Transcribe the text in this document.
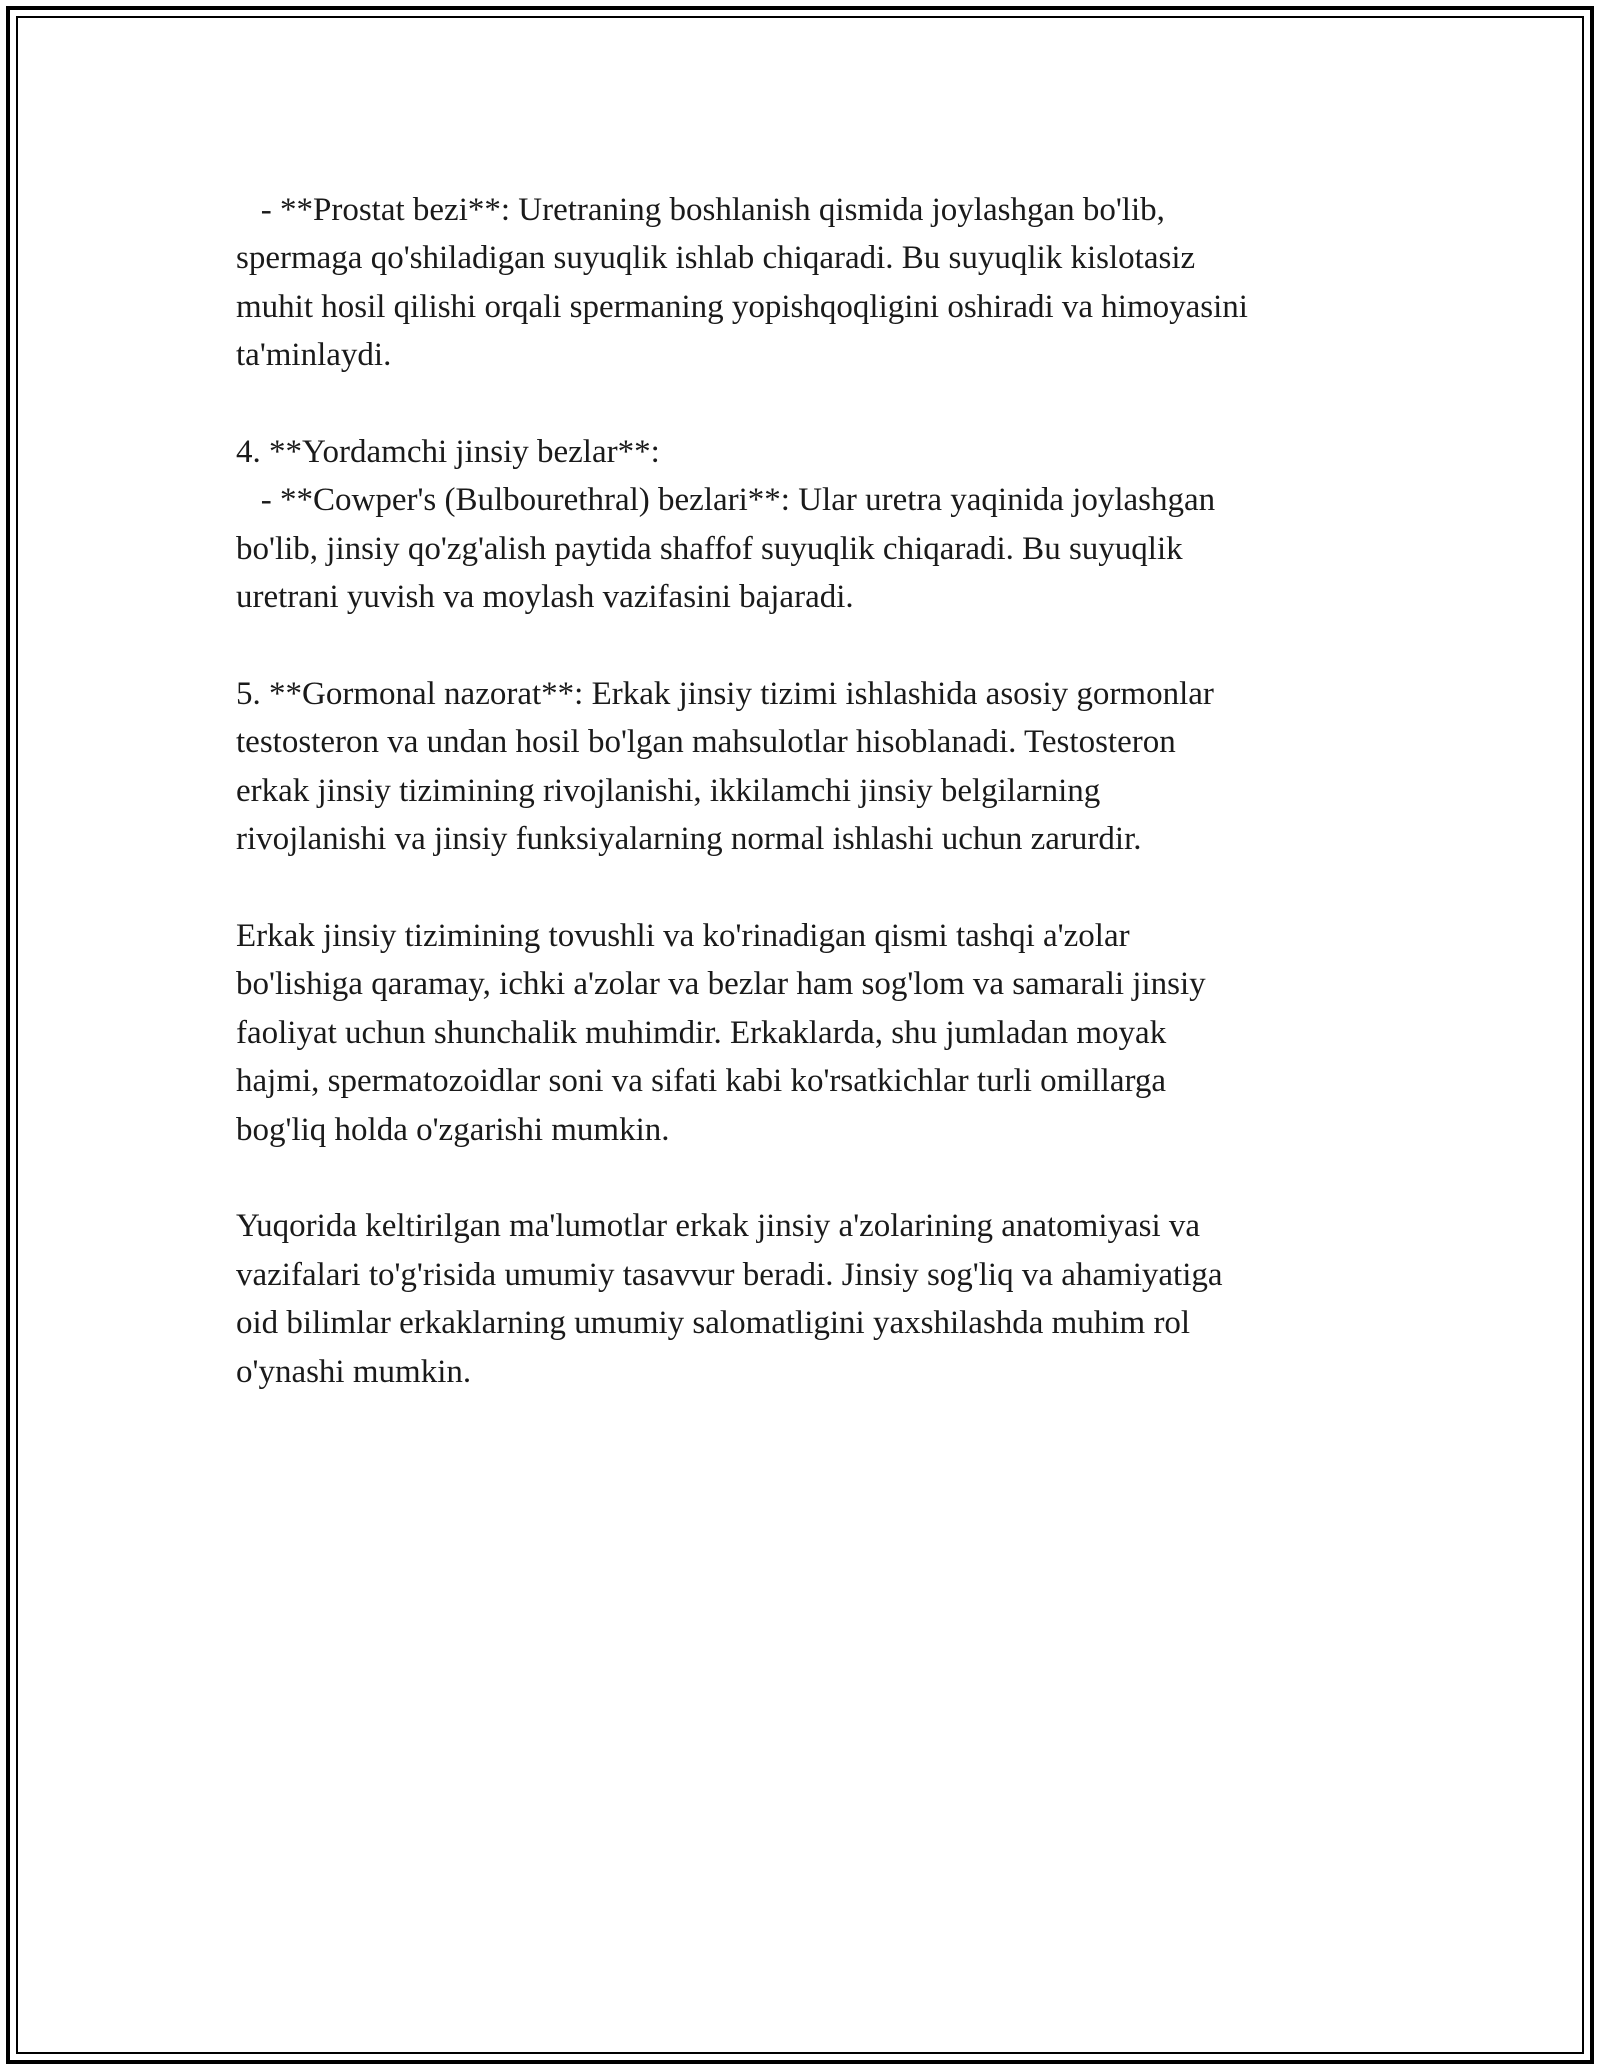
- **Prostat bezi**: Uretraning boshlanish qismida joylashgan bo'lib,
spermaga qo'shiladigan suyuqlik ishlab chiqaradi. Bu suyuqlik kislotasiz
muhit hosil qilishi orqali spermaning yopishqoqligini oshiradi va himoyasini
ta'minlaydi.
4. **Yordamchi jinsiy bezlar**:
- **Cowper's (Bulbourethral) bezlari**: Ular uretra yaqinida joylashgan
bo'lib, jinsiy qo'zg'alish paytida shaffof suyuqlik chiqaradi. Bu suyuqlik
uretrani yuvish va moylash vazifasini bajaradi.
5. **Gormonal nazorat**: Erkak jinsiy tizimi ishlashida asosiy gormonlar
testosteron va undan hosil bo'lgan mahsulotlar hisoblanadi. Testosteron
erkak jinsiy tizimining rivojlanishi, ikkilamchi jinsiy belgilarning
rivojlanishi va jinsiy funksiyalarning normal ishlashi uchun zarurdir.
Erkak jinsiy tizimining tovushli va ko'rinadigan qismi tashqi a'zolar
bo'lishiga qaramay, ichki a'zolar va bezlar ham sog'lom va samarali jinsiy
faoliyat uchun shunchalik muhimdir. Erkaklarda, shu jumladan moyak
hajmi, spermatozoidlar soni va sifati kabi ko'rsatkichlar turli omillarga
bog'liq holda o'zgarishi mumkin.
Yuqorida keltirilgan ma'lumotlar erkak jinsiy a'zolarining anatomiyasi va
vazifalari to'g'risida umumiy tasavvur beradi. Jinsiy sog'liq va ahamiyatiga
oid bilimlar erkaklarning umumiy salomatligini yaxshilashda muhim rol
o'ynashi mumkin.
